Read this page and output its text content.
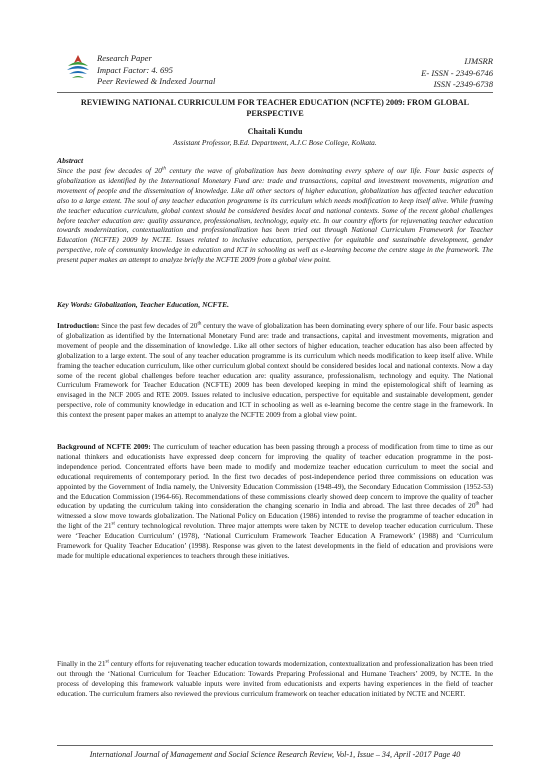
Research Paper
Impact Factor: 4. 695
Peer Reviewed & Indexed Journal
IJMSRR
E- ISSN - 2349-6746
ISSN -2349-6738
REVIEWING NATIONAL CURRICULUM FOR TEACHER EDUCATION (NCFTE) 2009: FROM GLOBAL PERSPECTIVE
Chaitali Kundu
Assistant Professor, B.Ed. Department, A.J.C Bose College, Kolkata.
Abstract
Since the past few decades of 20th century the wave of globalization has been dominating every sphere of our life. Four basic aspects of globalization as identified by the International Monetary Fund are: trade and transactions, capital and investment movements, migration and movement of people and the dissemination of knowledge. Like all other sectors of higher education, globalization has affected teacher education also to a large extent. The soul of any teacher education programme is its curriculum which needs modification to keep itself alive. While framing the teacher education curriculum, global context should be considered besides local and national contexts. Some of the recent global challenges before teacher education are: quality assurance, professionalism, technology, equity etc. In our country efforts for rejuvenating teacher education towards modernization, contextualization and professionalization has been tried out through National Curriculum Framework for Teacher Education (NCFTE) 2009 by NCTE. Issues related to inclusive education, perspective for equitable and sustainable development, gender perspective, role of community knowledge in education and ICT in schooling as well as e-learning become the centre stage in the framework. The present paper makes an attempt to analyze briefly the NCFTE 2009 from a global view point.
Key Words: Globalization, Teacher Education, NCFTE.
Introduction: Since the past few decades of 20th century the wave of globalization has been dominating every sphere of our life. Four basic aspects of globalization as identified by the International Monetary Fund are: trade and transactions, capital and investment movements, migration and movement of people and the dissemination of knowledge. Like all other sectors of higher education, teacher education has also been affected by globalization to a large extent. The soul of any teacher education programme is its curriculum which needs modification to keep itself alive. While framing the teacher education curriculum, like other curriculum global context should be considered besides local and national contexts. Now a day some of the recent global challenges before teacher education are: quality assurance, professionalism, technology and equity. The National Curriculum Framework for Teacher Education (NCFTE) 2009 has been developed keeping in mind the epistemological shift of learning as envisaged in the NCF 2005 and RTE 2009. Issues related to inclusive education, perspective for equitable and sustainable development, gender perspective, role of community knowledge in education and ICT in schooling as well as e-learning become the centre stage in the framework. In this context the present paper makes an attempt to analyze the NCFTE 2009 from a global view point.
Background of NCFTE 2009: The curriculum of teacher education has been passing through a process of modification from time to time as our national thinkers and educationists have expressed deep concern for improving the quality of teacher education programme in the post-independence period. Concentrated efforts have been made to modify and modernize teacher education curriculum to meet the social and educational requirements of contemporary period. In the first two decades of post-independence period three commissions on education was appointed by the Government of India namely, the University Education Commission (1948-49), the Secondary Education Commission (1952-53) and the Education Commission (1964-66). Recommendations of these commissions clearly showed deep concern to improve the quality of teacher education by updating the curriculum taking into consideration the changing scenario in India and abroad. The last three decades of 20th had witnessed a slow move towards globalization. The National Policy on Education (1986) intended to revise the programme of teacher education in the light of the 21st century technological revolution. Three major attempts were taken by NCTE to develop teacher education curriculum. These were ‘Teacher Education Curriculum’ (1978), ‘National Curriculum Framework Teacher Education A Framework’ (1988) and ‘Curriculum Framework for Quality Teacher Education’ (1998). Response was given to the latest developments in the field of education and provisions were made for multiple educational experiences to teachers through these initiatives.
Finally in the 21st century efforts for rejuvenating teacher education towards modernization, contextualization and professionalization has been tried out through the ‘National Curriculum for Teacher Education: Towards Preparing Professional and Humane Teachers’ 2009, by NCTE. In the process of developing this framework valuable inputs were invited from educationists and experts having experiences in the field of teacher education. The curriculum framers also reviewed the previous curriculum framework on teacher education initiated by NCTE and NCERT.
International Journal of Management and Social Science Research Review, Vol-1, Issue – 34, April -2017 Page 40
